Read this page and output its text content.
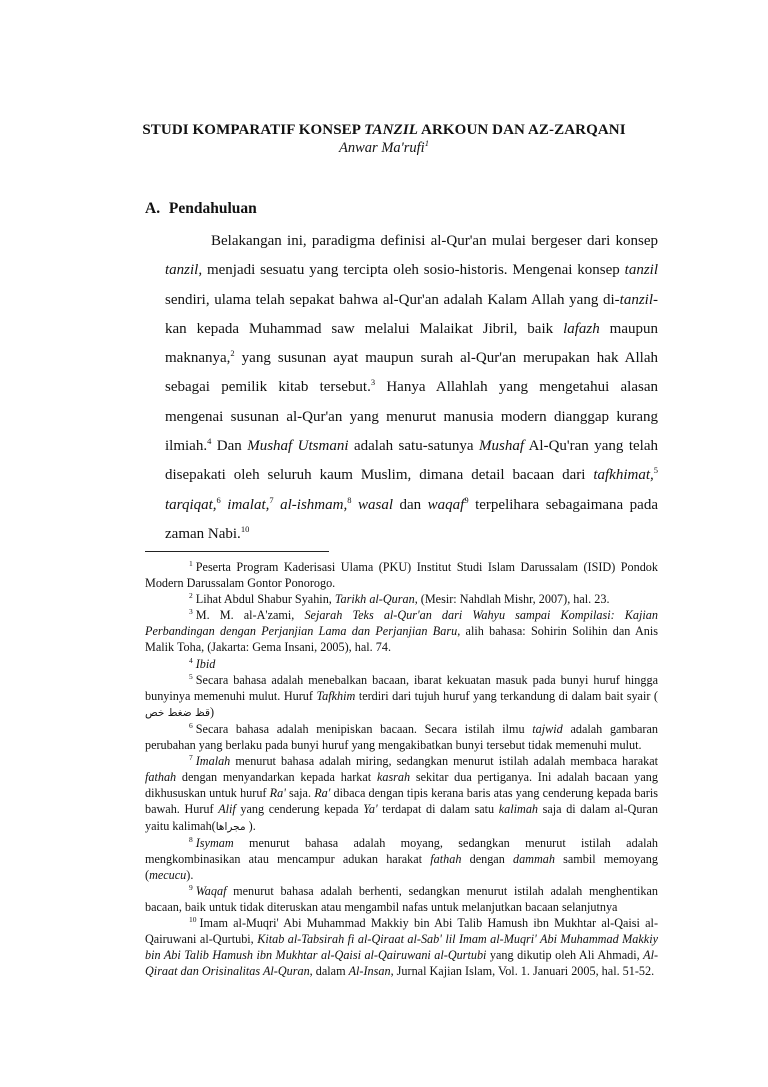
STUDI KOMPARATIF KONSEP TANZIL ARKOUN DAN AZ-ZARQANI
Anwar Ma'rufi$^1$
A. Pendahuluan

Belakangan ini, paradigma definisi al-Qur'an mulai bergeser dari konsep tanzil, menjadi sesuatu yang tercipta oleh sosio-historis. Mengenai konsep tanzil sendiri, ulama telah sepakat bahwa al-Qur'an adalah Kalam Allah yang di-tanzil-kan kepada Muhammad saw melalui Malaikat Jibril, baik lafazh maupun maknanya,$^2$ yang susunan ayat maupun surah al-Qur'an merupakan hak Allah sebagai pemilik kitab tersebut.$^3$ Hanya Allahlah yang mengetahui alasan mengenai susunan al-Qur'an yang menurut manusia modern dianggap kurang ilmiah.$^4$ Dan Mushaf Utsmani adalah satu-satunya Mushaf Al-Qu'ran yang telah disepakati oleh seluruh kaum Muslim, dimana detail bacaan dari tafkhimat,$^5$ tarqiqat,$^6$ imalat,$^7$ al-ishmam,$^8$ wasal dan waqaf$^9$ terpelihara sebagaimana pada zaman Nabi.$^{10}$

$^1$ Peserta Program Kaderisasi Ulama (PKU) Institut Studi Islam Darussalam (ISID) Pondok Modern Darussalam Gontor Ponorogo.

$^2$ Lihat Abdul Shabur Syahin, Tarikh al-Quran, (Mesir: Nahdlah Mishr, 2007), hal. 23.

$^3$ M. M. al-A'zami, Sejarah Teks al-Qur'an dari Wahyu sampai Kompilasi: Kajian Perbandingan dengan Perjanjian Lama dan Perjanjian Baru, alih bahasa: Sohirin Solihin dan Anis Malik Toha, (Jakarta: Gema Insani, 2005), hal. 74.

$^4$ Ibid

$^5$ Secara bahasa adalah menebalkan bacaan, ibarat kekuatan masuk pada bunyi huruf hingga bunyinya memenuhi mulut. Huruf Tafkhim terdiri dari tujuh huruf yang terkandung di dalam bait syair ( قظ ضغط خص)

$^6$ Secara bahasa adalah menipiskan bacaan. Secara istilah ilmu tajwid adalah gambaran perubahan yang berlaku pada bunyi huruf yang mengakibatkan bunyi tersebut tidak memenuhi mulut.

$^7$ Imalah menurut bahasa adalah miring, sedangkan menurut istilah adalah membaca harakat fathah dengan menyandarkan kepada harkat kasrah sekitar dua pertiganya. Ini adalah bacaan yang dikhususkan untuk huruf Ra' saja. Ra' dibaca dengan tipis kerana baris atas yang cenderung kepada baris bawah. Huruf Alif yang cenderung kepada Ya' terdapat di dalam satu kalimah saja di dalam al-Quran yaitu kalimah(مجراها ).

$^8$ Isymam menurut bahasa adalah moyang, sedangkan menurut istilah adalah mengkombinasikan atau mencampur adukan harakat fathah dengan dammah sambil memoyang (mecucu).

$^9$ Waqaf menurut bahasa adalah berhenti, sedangkan menurut istilah adalah menghentikan bacaan, baik untuk tidak diteruskan atau mengambil nafas untuk melanjutkan bacaan selanjutnya

$^{10}$ Imam al-Muqri' Abi Muhammad Makkiy bin Abi Talib Hamush ibn Mukhtar al-Qaisi al-Qairuwani al-Qurtubi, Kitab al-Tabsirah fi al-Qiraat al-Sab' lil Imam al-Muqri' Abi Muhammad Makkiy bin Abi Talib Hamush ibn Mukhtar al-Qaisi al-Qairuwani al-Qurtubi yang dikutip oleh Ali Ahmadi, Al-Qiraat dan Orisinalitas Al-Quran, dalam Al-Insan, Jurnal Kajian Islam, Vol. 1. Januari 2005, hal. 51-52.
